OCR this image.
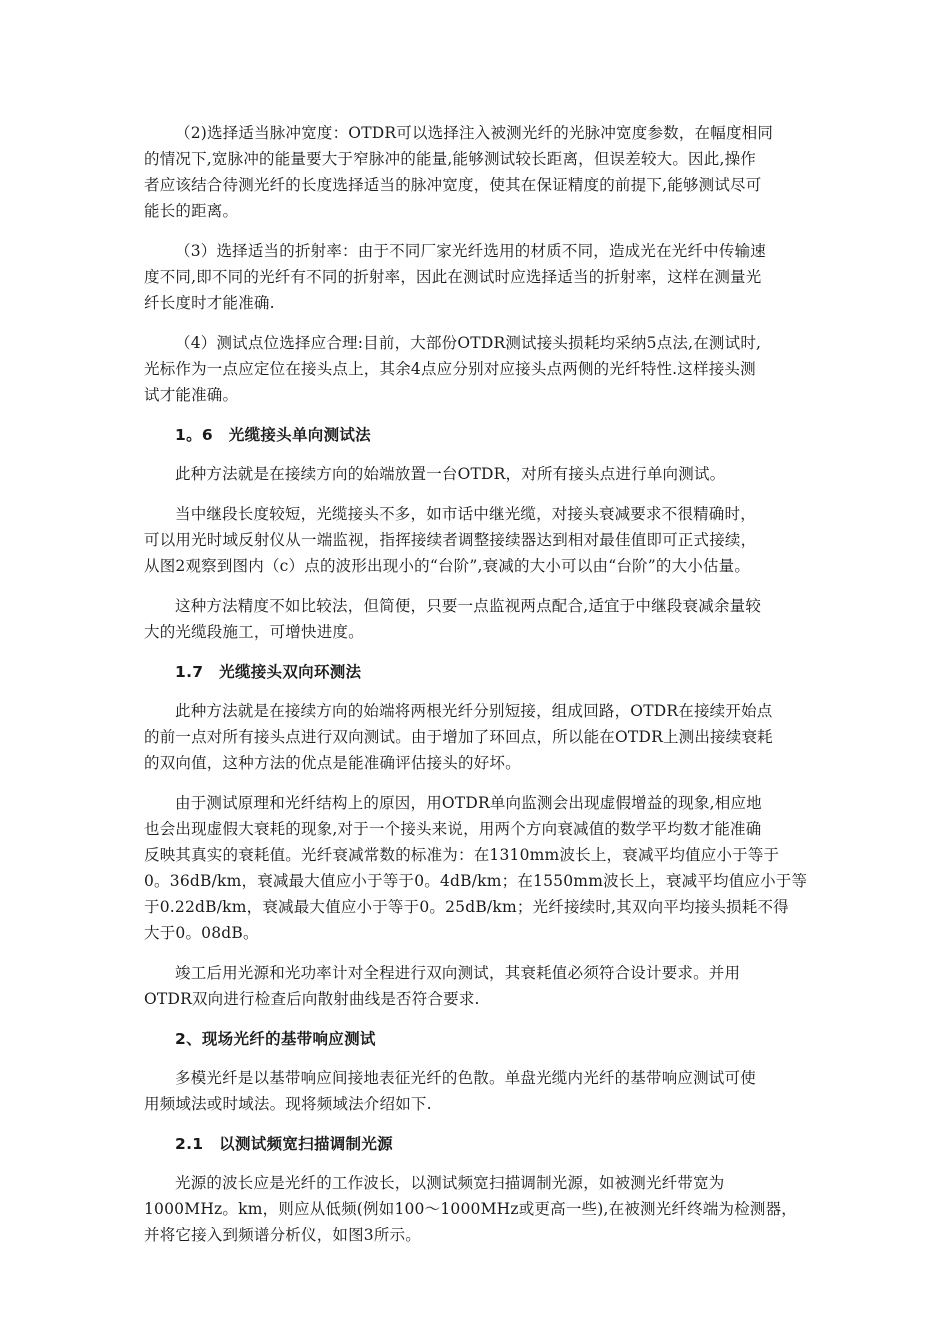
（2)选择适当脉冲宽度：OTDR可以选择注入被测光纤的光脉冲宽度参数，在幅度相同
的情况下,宽脉冲的能量要大于窄脉冲的能量,能够测试较长距离，但误差较大。因此,操作
者应该结合待测光纤的长度选择适当的脉冲宽度，使其在保证精度的前提下,能够测试尽可
能长的距离。

（3）选择适当的折射率：由于不同厂家光纤选用的材质不同，造成光在光纤中传输速
度不同,即不同的光纤有不同的折射率，因此在测试时应选择适当的折射率，这样在测量光
纤长度时才能准确.

（4）测试点位选择应合理:目前，大部份OTDR测试接头损耗均采纳5点法,在测试时,
光标作为一点应定位在接头点上，其余4点应分别对应接头点两侧的光纤特性.这样接头测
试才能准确。

1。6　光缆接头单向测试法

此种方法就是在接续方向的始端放置一台OTDR，对所有接头点进行单向测试。

当中继段长度较短，光缆接头不多，如市话中继光缆，对接头衰减要求不很精确时，
可以用光时域反射仪从一端监视，指挥接续者调整接续器达到相对最佳值即可正式接续，
从图2观察到图内（c）点的波形出现小的“台阶”,衰减的大小可以由“台阶”的大小估量。

这种方法精度不如比较法，但简便，只要一点监视两点配合,适宜于中继段衰减余量较
大的光缆段施工，可增快进度。

1.7　光缆接头双向环测法

此种方法就是在接续方向的始端将两根光纤分别短接，组成回路，OTDR在接续开始点
的前一点对所有接头点进行双向测试。由于增加了环回点，所以能在OTDR上测出接续衰耗
的双向值，这种方法的优点是能准确评估接头的好坏。

由于测试原理和光纤结构上的原因，用OTDR单向监测会出现虚假增益的现象,相应地
也会出现虚假大衰耗的现象,对于一个接头来说，用两个方向衰减值的数学平均数才能准确
反映其真实的衰耗值。光纤衰减常数的标准为：在1310mm波长上，衰减平均值应小于等于
0。36dB/km，衰减最大值应小于等于0。4dB/km；在1550mm波长上，衰减平均值应小于等
于0.22dB/km，衰减最大值应小于等于0。25dB/km；光纤接续时,其双向平均接头损耗不得
大于0。08dB。

竣工后用光源和光功率计对全程进行双向测试，其衰耗值必须符合设计要求。并用
OTDR双向进行检查后向散射曲线是否符合要求.

2、现场光纤的基带响应测试

多模光纤是以基带响应间接地表征光纤的色散。单盘光缆内光纤的基带响应测试可使
用频域法或时域法。现将频域法介绍如下.

2.1　以测试频宽扫描调制光源

光源的波长应是光纤的工作波长，以测试频宽扫描调制光源，如被测光纤带宽为
1000MHz。km，则应从低频(例如100～1000MHz或更高一些),在被测光纤终端为检测器，
并将它接入到频谱分析仪，如图3所示。
